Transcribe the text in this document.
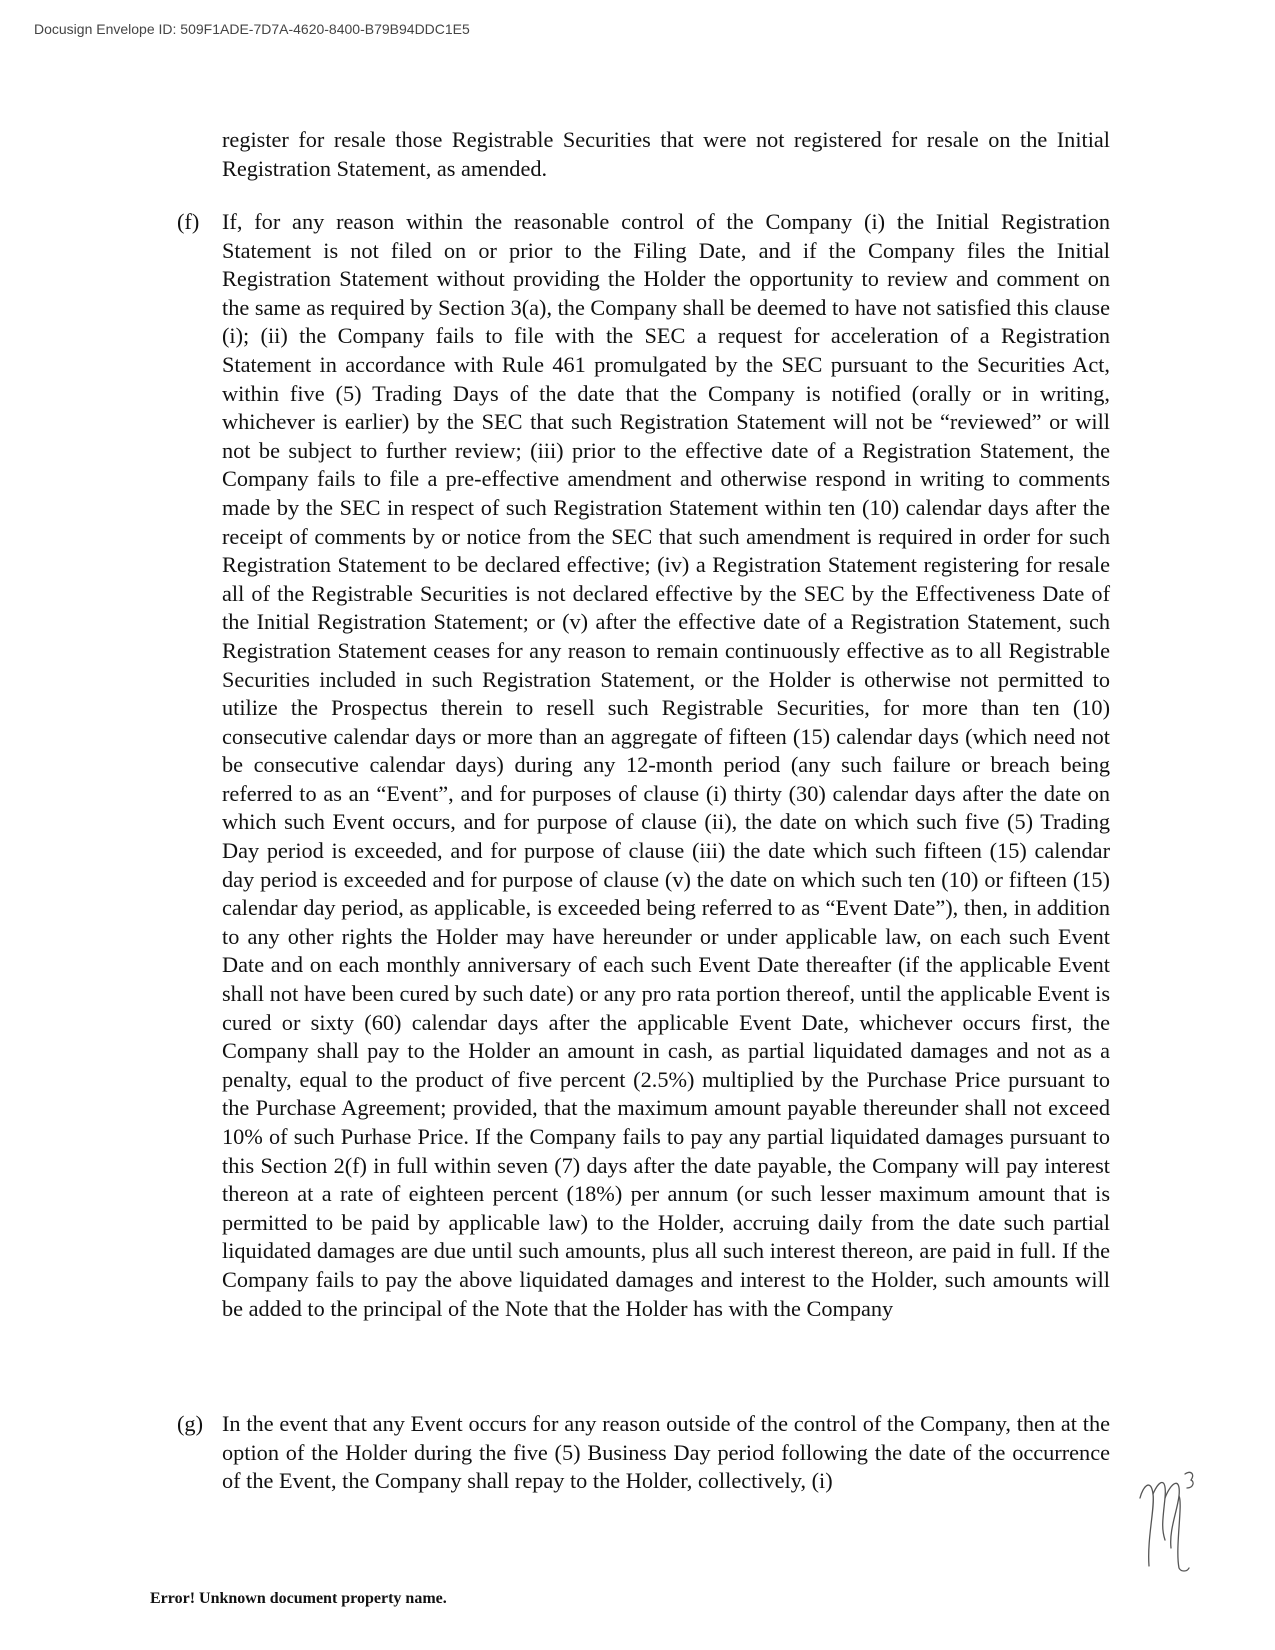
Docusign Envelope ID: 509F1ADE-7D7A-4620-8400-B79B94DDC1E5

register for resale those Registrable Securities that were not registered for resale on the Initial Registration Statement, as amended.

(f) If, for any reason within the reasonable control of the Company (i) the Initial Registration Statement is not filed on or prior to the Filing Date, and if the Company files the Initial Registration Statement without providing the Holder the opportunity to review and comment on the same as required by Section 3(a), the Company shall be deemed to have not satisfied this clause (i); (ii) the Company fails to file with the SEC a request for acceleration of a Registration Statement in accordance with Rule 461 promulgated by the SEC pursuant to the Securities Act, within five (5) Trading Days of the date that the Company is notified (orally or in writing, whichever is earlier) by the SEC that such Registration Statement will not be “reviewed” or will not be subject to further review; (iii) prior to the effective date of a Registration Statement, the Company fails to file a pre-effective amendment and otherwise respond in writing to comments made by the SEC in respect of such Registration Statement within ten (10) calendar days after the receipt of comments by or notice from the SEC that such amendment is required in order for such Registration Statement to be declared effective; (iv) a Registration Statement registering for resale all of the Registrable Securities is not declared effective by the SEC by the Effectiveness Date of the Initial Registration Statement; or (v) after the effective date of a Registration Statement, such Registration Statement ceases for any reason to remain continuously effective as to all Registrable Securities included in such Registration Statement, or the Holder is otherwise not permitted to utilize the Prospectus therein to resell such Registrable Securities, for more than ten (10) consecutive calendar days or more than an aggregate of fifteen (15) calendar days (which need not be consecutive calendar days) during any 12-month period (any such failure or breach being referred to as an “Event”, and for purposes of clause (i) thirty (30) calendar days after the date on which such Event occurs, and for purpose of clause (ii), the date on which such five (5) Trading Day period is exceeded, and for purpose of clause (iii) the date which such fifteen (15) calendar day period is exceeded and for purpose of clause (v) the date on which such ten (10) or fifteen (15) calendar day period, as applicable, is exceeded being referred to as “Event Date”), then, in addition to any other rights the Holder may have hereunder or under applicable law, on each such Event Date and on each monthly anniversary of each such Event Date thereafter (if the applicable Event shall not have been cured by such date) or any pro rata portion thereof, until the applicable Event is cured or sixty (60) calendar days after the applicable Event Date, whichever occurs first, the Company shall pay to the Holder an amount in cash, as partial liquidated damages and not as a penalty, equal to the product of five percent (2.5%) multiplied by the Purchase Price pursuant to the Purchase Agreement; provided, that the maximum amount payable thereunder shall not exceed 10% of such Purhase Price. If the Company fails to pay any partial liquidated damages pursuant to this Section 2(f) in full within seven (7) days after the date payable, the Company will pay interest thereon at a rate of eighteen percent (18%) per annum (or such lesser maximum amount that is permitted to be paid by applicable law) to the Holder, accruing daily from the date such partial liquidated damages are due until such amounts, plus all such interest thereon, are paid in full. If the Company fails to pay the above liquidated damages and interest to the Holder, such amounts will be added to the principal of the Note that the Holder has with the Company

(g) In the event that any Event occurs for any reason outside of the control of the Company, then at the option of the Holder during the five (5) Business Day period following the date of the occurrence of the Event, the Company shall repay to the Holder, collectively, (i)

Error! Unknown document property name.
